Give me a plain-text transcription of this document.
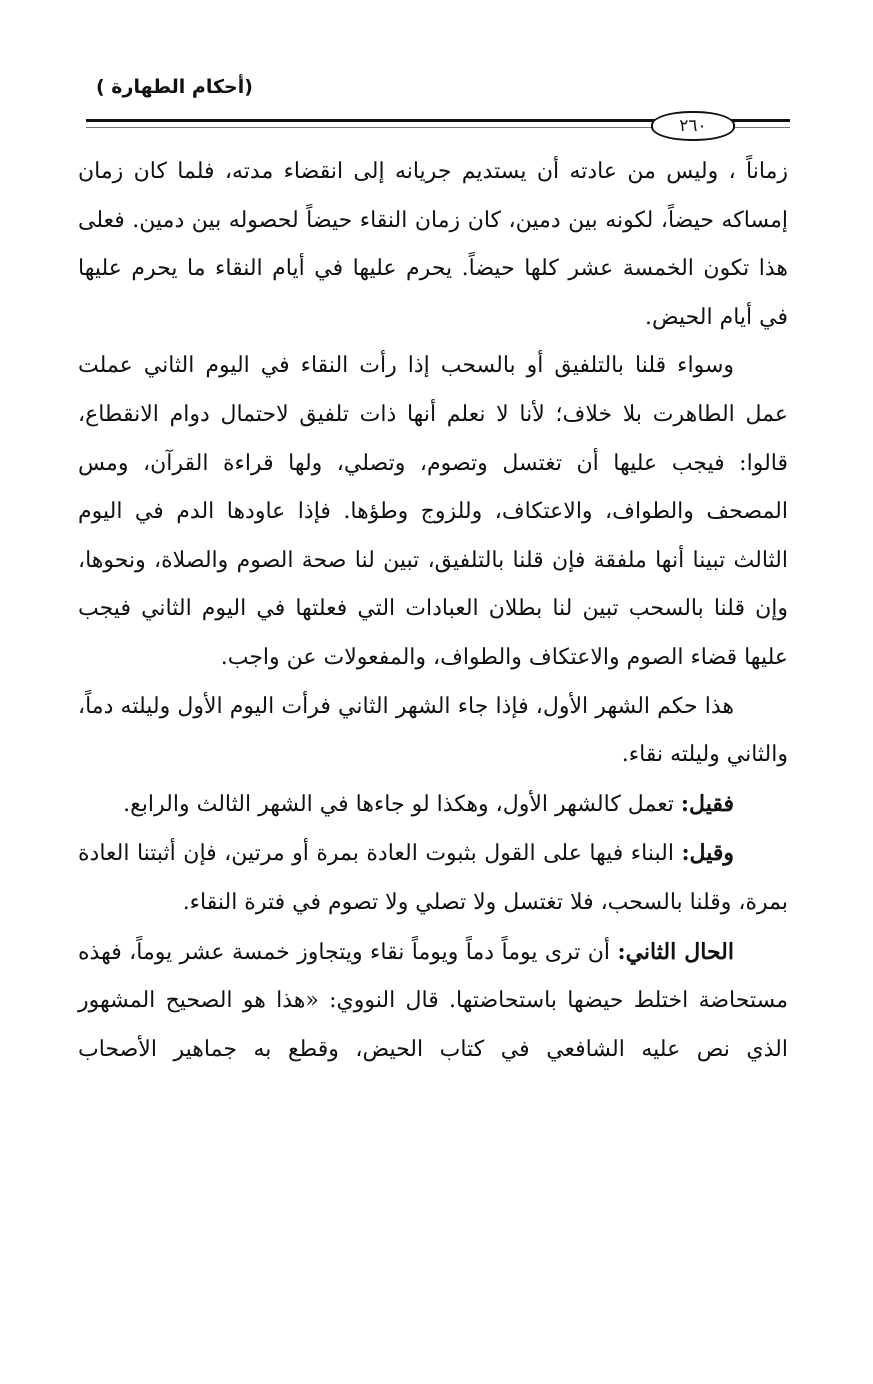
(أحكام الطهارة )
٢٦٠

زماناً ، وليس من عادته أن يستديم جريانه إلى انقضاء مدته، فلما كان زمان إمساكه حيضاً، لكونه بين دمين، كان زمان النقاء حيضاً لحصوله بين دمين. فعلى هذا تكون الخمسة عشر كلها حيضاً. يحرم عليها في أيام النقاء ما يحرم عليها في أيام الحيض.

وسواء قلنا بالتلفيق أو بالسحب إذا رأت النقاء في اليوم الثاني عملت عمل الطاهرت بلا خلاف؛ لأنا لا نعلم أنها ذات تلفيق لاحتمال دوام الانقطاع، قالوا: فيجب عليها أن تغتسل وتصوم، وتصلي، ولها قراءة القرآن، ومس المصحف والطواف، والاعتكاف، وللزوج وطؤها. فإذا عاودها الدم في اليوم الثالث تبينا أنها ملفقة فإن قلنا بالتلفيق، تبين لنا صحة الصوم والصلاة، ونحوها، وإن قلنا بالسحب تبين لنا بطلان العبادات التي فعلتها في اليوم الثاني فيجب عليها قضاء الصوم والاعتكاف والطواف، والمفعولات عن واجب.

هذا حكم الشهر الأول، فإذا جاء الشهر الثاني فرأت اليوم الأول وليلته دماً، والثاني وليلته نقاء.

فقيل: تعمل كالشهر الأول، وهكذا لو جاءها في الشهر الثالث والرابع.

وقيل: البناء فيها على القول بثبوت العادة بمرة أو مرتين، فإن أثبتنا العادة بمرة، وقلنا بالسحب، فلا تغتسل ولا تصلي ولا تصوم في فترة النقاء.

الحال الثاني: أن ترى يوماً دماً ويوماً نقاء ويتجاوز خمسة عشر يوماً، فهذه مستحاضة اختلط حيضها باستحاضتها. قال النووي: «هذا هو الصحيح المشهور الذي نص عليه الشافعي في كتاب الحيض، وقطع به جماهير الأصحاب
